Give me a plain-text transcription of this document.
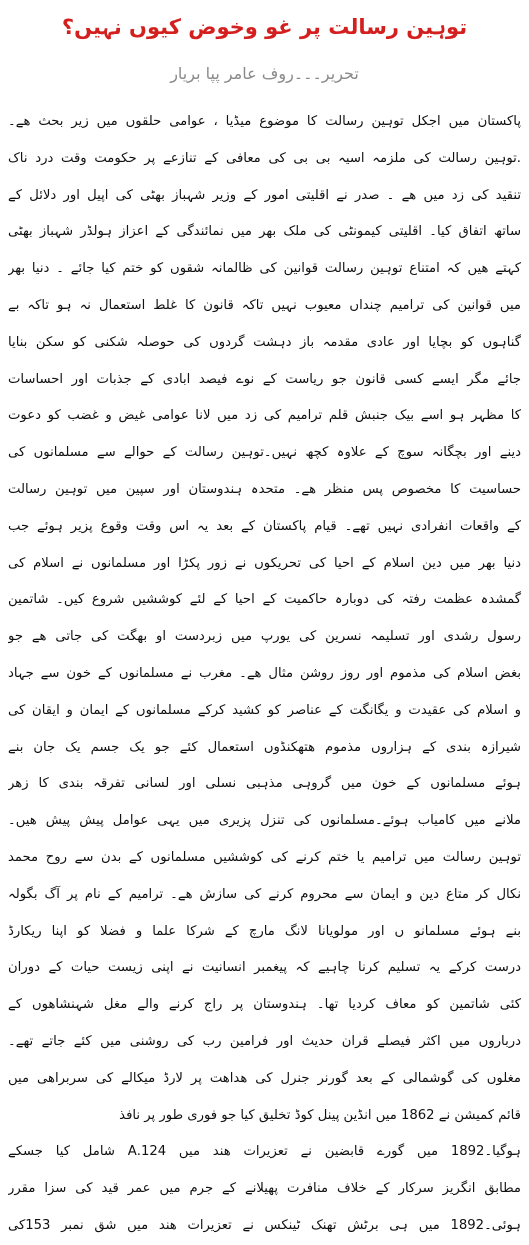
توہین رسالت پر غو وخوض کیوں نہیں؟
تحریر۔۔۔روف عامر پپا بریار
پاکستان میں اجکل توہین رسالت کا موضوع میڈیا ، عوامی حلقوں میں زیر بحث ھے۔
.توہین رسالت کی ملزمہ اسیہ بی بی کی معافی کے تنازعے پر حکومت وقت درد ناک
تنقید کی زد میں ھے ۔ صدر نے اقلیتی امور کے وزیر شہباز بھٹی کی اپیل اور دلائل کے
ساتھ اتفاق کیا۔ اقلیتی کیمونٹی کی ملک بھر میں نمائندگی کے اعزاز ہولڈر شہباز بھٹی
کہتے ھیں کہ امتناع توہین رسالت قوانین کی ظالمانہ شقوں کو ختم کیا جائے ۔ دنیا بھر
میں قوانین کی ترامیم چنداں معیوب نہیں تاکہ قانون کا غلط استعمال نہ ہو تاکہ بے
گناہوں کو بچایا اور عادی مقدمہ باز دہشت گردوں کی حوصلہ شکنی کو سکن بنایا
جائے مگر ایسے کسی قانون جو ریاست کے نوے فیصد ابادی کے جذبات اور احساسات
کا مظہر ہو اسے بیک جنبش قلم ترامیم کی زد میں لانا عوامی غیض و غضب کو دعوت
دینے اور بچگانہ سوچ کے علاوہ کچھ نہیں۔توہین رسالت کے حوالے سے مسلمانوں کی
حساسیت کا مخصوص پس منظر ھے۔ متحدہ ہندوستان اور سپین میں توہین رسالت
کے واقعات انفرادی نہیں تھے۔ قیام پاکستان کے بعد یہ اس وقت وقوع پزیر ہوئے جب
دنیا بھر میں دین اسلام کے احیا کی تحریکوں نے زور پکڑا اور مسلمانوں نے اسلام کی
گمشدہ عظمت رفتہ کی دوبارہ حاکمیت کے احیا کے لئے کوششیں شروع کیں۔ شاتمین
رسول رشدی اور تسلیمہ نسرین کی یورپ میں زبردست او بھگت کی جاتی ھے جو
بغض اسلام کی مذموم اور روز روشن مثال ھے۔ مغرب نے مسلمانوں کے خون سے جہاد
و اسلام کی عقیدت و یگانگت کے عناصر کو کشید کرکے مسلمانوں کے ایمان و ایقان کی
شیرازہ بندی کے ہزاروں مذموم ھتھکنڈوں استعمال کئے جو یک جسم یک جان بنے
ہوئے مسلمانوں کے خون میں گروہی مذہبی نسلی اور لسانی تفرقہ بندی کا زھر
ملانے میں کامیاب ہوئے۔مسلمانوں کی تنزل پزیری میں یہی عوامل پیش پیش ھیں۔
توہین رسالت میں ترامیم یا ختم کرنے کی کوششیں مسلمانوں کے بدن سے روح محمد
نکال کر متاع دین و ایمان سے محروم کرنے کی سازش ھے۔ ترامیم کے نام پر آگ بگولہ
بنے ہوئے مسلمانو ں اور مولویانا لانگ مارچ کے شرکا علما و فضلا کو اپنا ریکارڈ
درست کرکے یہ تسلیم کرنا چاہیے کہ پیغمبر انسانیت نے اپنی زیست حیات کے دوران
کئی شاتمین کو معاف کردیا تھا۔ ہندوستان پر راج کرنے والے مغل شہنشاھوں کے
درباروں میں اکثر فیصلے قران حدیث اور فرامین رب کی روشنی میں کئے جاتے تھے۔
مغلوں کی گوشمالی کے بعد گورنر جنرل کی ھداھت پر لارڈ میکالے کی سربراھی میں
قائم کمیشن نے 1862 میں انڈین پینل کوڈ تخلیق کیا جو فوری طور پر نافذ
ہوگیا۔1892 میں گورے قابضین نے تعزیرات ھند میں 124.A شامل کیا جسکے
مطابق انگریز سرکار کے خلاف منافرت پھیلانے کے جرم میں عمر قید کی سزا مقرر
ہوئی۔1892 میں ہی برٹش تھنک ٹینکس نے تعزیرات ھند میں شق نمبر 153کی
